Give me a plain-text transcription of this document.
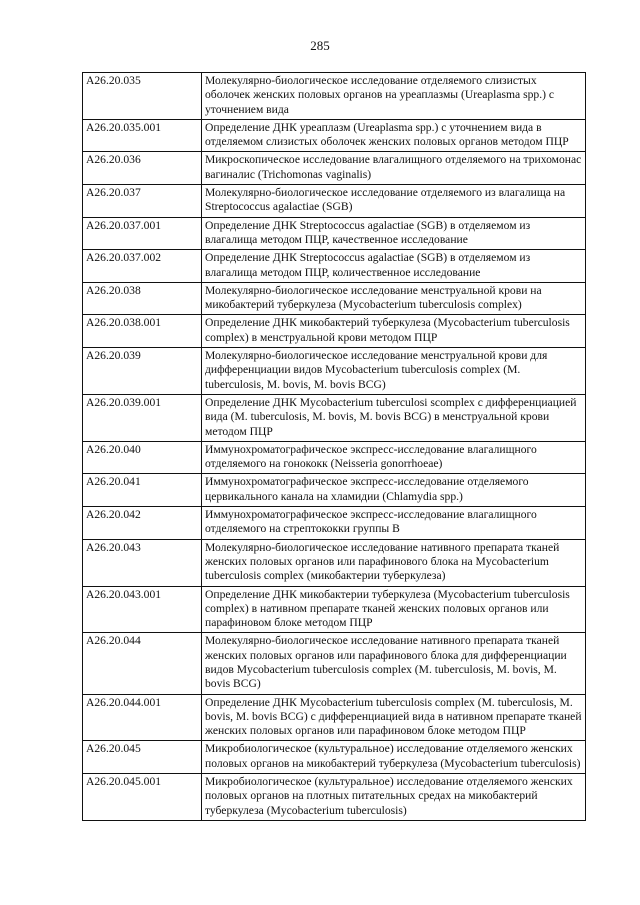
285
A26.20.035	Молекулярно-биологическое исследование отделяемого слизистых оболочек женских половых органов на уреаплазмы (Ureaplasma spp.) с уточнением вида
A26.20.035.001	Определение ДНК уреаплазм (Ureaplasma spp.) с уточнением вида в отделяемом слизистых оболочек женских половых органов методом ПЦР
A26.20.036	Микроскопическое исследование влагалищного отделяемого на трихомонас вагиналис (Trichomonas vaginalis)
A26.20.037	Молекулярно-биологическое исследование отделяемого из влагалища на Streptococcus agalactiae (SGB)
A26.20.037.001	Определение ДНК Streptococcus agalactiae (SGB) в отделяемом из влагалища методом ПЦР, качественное исследование
A26.20.037.002	Определение ДНК Streptococcus agalactiae (SGB) в отделяемом из влагалища методом ПЦР, количественное исследование
A26.20.038	Молекулярно-биологическое исследование менструальной крови на микобактерий туберкулеза (Mycobacterium tuberculosis complex)
A26.20.038.001	Определение ДНК микобактерий туберкулеза (Mycobacterium tuberculosis complex) в менструальной крови методом ПЦР
A26.20.039	Молекулярно-биологическое исследование менструальной крови для дифференциации видов Mycobacterium tuberculosis complex (M. tuberculosis, M. bovis, M. bovis BCG)
A26.20.039.001	Определение ДНК Mycobacterium tuberculosi scomplex с дифференциацией вида (M. tuberculosis, M. bovis, M. bovis BCG) в менструальной крови методом ПЦР
A26.20.040	Иммунохроматографическое экспресс-исследование влагалищного отделяемого на гонококк (Neisseria gonorrhoeae)
A26.20.041	Иммунохроматографическое экспресс-исследование отделяемого цервикального канала на хламидии (Chlamydia spp.)
A26.20.042	Иммунохроматографическое экспресс-исследование влагалищного отделяемого на стрептококки группы B
A26.20.043	Молекулярно-биологическое исследование нативного препарата тканей женских половых органов или парафинового блока на Mycobacterium tuberculosis complex (микобактерии туберкулеза)
A26.20.043.001	Определение ДНК микобактерии туберкулеза (Mycobacterium tuberculosis complex) в нативном препарате тканей женских половых органов или парафиновом блоке методом ПЦР
A26.20.044	Молекулярно-биологическое исследование нативного препарата тканей женских половых органов или парафинового блока для дифференциации видов Mycobacterium tuberculosis complex (M. tuberculosis, M. bovis, M. bovis BCG)
A26.20.044.001	Определение ДНК Mycobacterium tuberculosis complex (M. tuberculosis, M. bovis, M. bovis BCG) с дифференциацией вида в нативном препарате тканей женских половых органов или парафиновом блоке методом ПЦР
A26.20.045	Микробиологическое (культуральное) исследование отделяемого женских половых органов на микобактерий туберкулеза (Mycobacterium tuberculosis)
A26.20.045.001	Микробиологическое (культуральное) исследование отделяемого женских половых органов на плотных питательных средах на микобактерий туберкулеза (Mycobacterium tuberculosis)
